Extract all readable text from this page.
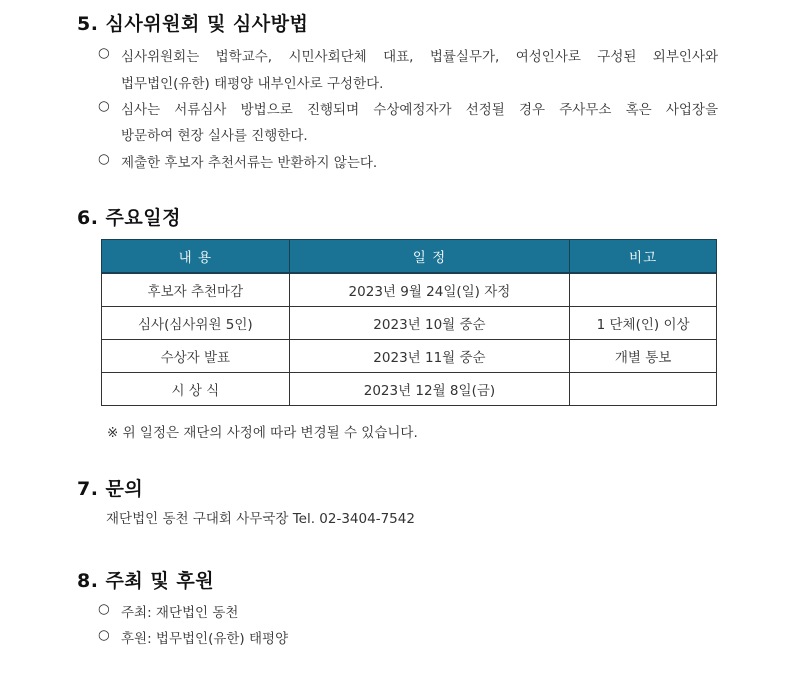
5. 심사위원회 및 심사방법
○ 심사위원회는 법학교수, 시민사회단체 대표, 법률실무가, 여성인사로 구성된 외부인사와
법무법인(유한) 태평양 내부인사로 구성한다.
○ 심사는 서류심사 방법으로 진행되며 수상예정자가 선정될 경우 주사무소 혹은 사업장을
방문하여 현장 실사를 진행한다.
○ 제출한 후보자 추천서류는 반환하지 않는다.
6. 주요일정
내 용	일 정	비고
후보자 추천마감	2023년 9월 24일(일) 자정	
심사(심사위원 5인)	2023년 10월 중순	1 단체(인) 이상
수상자 발표	2023년 11월 중순	개별 통보
시 상 식	2023년 12월 8일(금)	
※ 위 일정은 재단의 사정에 따라 변경될 수 있습니다.
7. 문의
재단법인 동천 구대회 사무국장 Tel. 02-3404-7542
8. 주최 및 후원
○ 주최: 재단법인 동천
○ 후원: 법무법인(유한) 태평양
